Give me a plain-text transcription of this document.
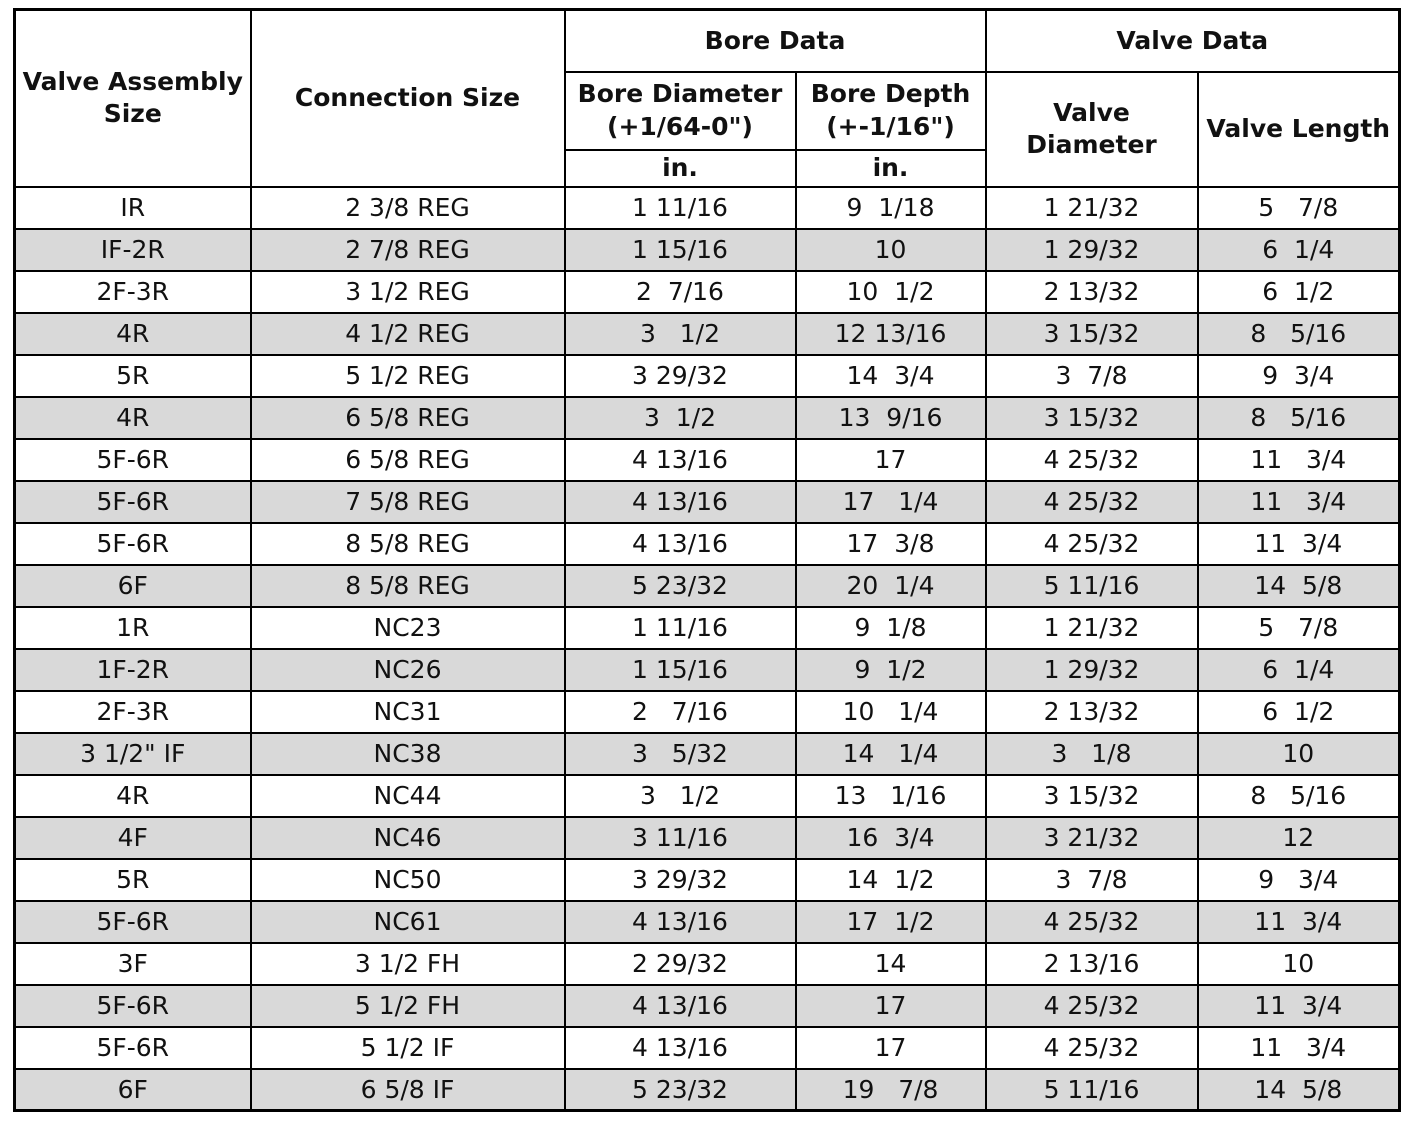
Valve Assembly Size	Connection Size	Bore Data		Valve Data	
		Bore Diameter (+1/64-0")	Bore Depth (+-1/16")	Valve Diameter	Valve Length
		in.	in.		
IR	2 3/8 REG	1 11/16	9  1/18	1 21/32	5   7/8
IF-2R	2 7/8 REG	1 15/16	10	1 29/32	6  1/4
2F-3R	3 1/2 REG	2  7/16	10  1/2	2 13/32	6  1/2
4R	4 1/2 REG	3   1/2	12 13/16	3 15/32	8   5/16
5R	5 1/2 REG	3 29/32	14  3/4	3  7/8	9  3/4
4R	6 5/8 REG	3  1/2	13  9/16	3 15/32	8   5/16
5F-6R	6 5/8 REG	4 13/16	17	4 25/32	11   3/4
5F-6R	7 5/8 REG	4 13/16	17   1/4	4 25/32	11   3/4
5F-6R	8 5/8 REG	4 13/16	17  3/8	4 25/32	11  3/4
6F	8 5/8 REG	5 23/32	20  1/4	5 11/16	14  5/8
1R	NC23	1 11/16	9  1/8	1 21/32	5   7/8
1F-2R	NC26	1 15/16	9  1/2	1 29/32	6  1/4
2F-3R	NC31	2   7/16	10   1/4	2 13/32	6  1/2
3 1/2" IF	NC38	3   5/32	14   1/4	3   1/8	10
4R	NC44	3   1/2	13   1/16	3 15/32	8   5/16
4F	NC46	3 11/16	16  3/4	3 21/32	12
5R	NC50	3 29/32	14  1/2	3  7/8	9   3/4
5F-6R	NC61	4 13/16	17  1/2	4 25/32	11  3/4
3F	3 1/2 FH	2 29/32	14	2 13/16	10
5F-6R	5 1/2 FH	4 13/16	17	4 25/32	11  3/4
5F-6R	5 1/2 IF	4 13/16	17	4 25/32	11   3/4
6F	6 5/8 IF	5 23/32	19   7/8	5 11/16	14  5/8
